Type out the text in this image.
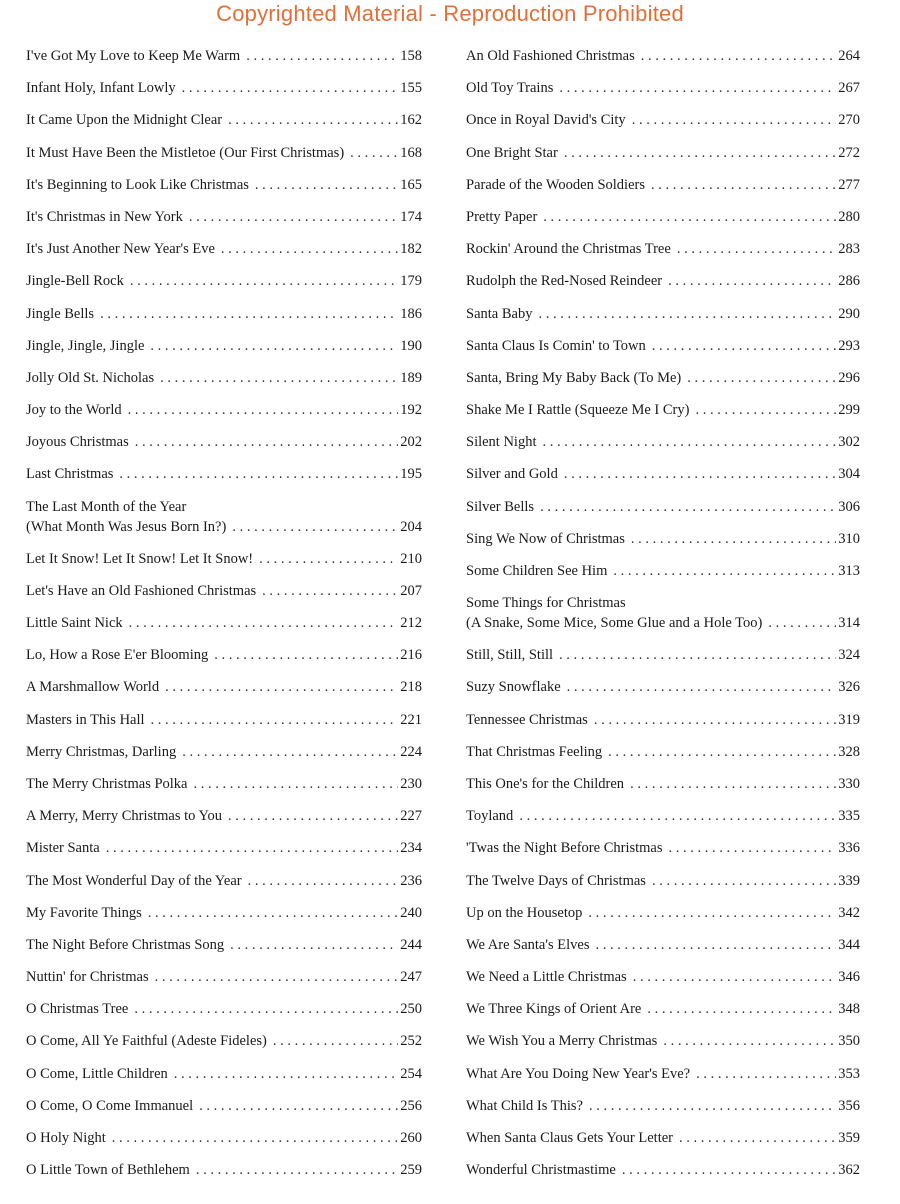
Copyrighted Material - Reproduction Prohibited
I've Got My Love to Keep Me Warm . . .	158
Infant Holy, Infant Lowly . . .	155
It Came Upon the Midnight Clear . . .	162
It Must Have Been the Mistletoe (Our First Christmas) . . .	168
It's Beginning to Look Like Christmas . . .	165
It's Christmas in New York . . .	174
It's Just Another New Year's Eve . . .	182
Jingle-Bell Rock . . .	179
Jingle Bells . . .	186
Jingle, Jingle, Jingle . . .	190
Jolly Old St. Nicholas . . .	189
Joy to the World . . .	192
Joyous Christmas . . .	202
Last Christmas . . .	195
The Last Month of the Year
(What Month Was Jesus Born In?) . . .	204
Let It Snow! Let It Snow! Let It Snow! . . .	210
Let's Have an Old Fashioned Christmas . . .	207
Little Saint Nick . . .	212
Lo, How a Rose E'er Blooming . . .	216
A Marshmallow World . . .	218
Masters in This Hall . . .	221
Merry Christmas, Darling . . .	224
The Merry Christmas Polka . . .	230
A Merry, Merry Christmas to You . . .	227
Mister Santa . . .	234
The Most Wonderful Day of the Year . . .	236
My Favorite Things . . .	240
The Night Before Christmas Song . . .	244
Nuttin' for Christmas . . .	247
O Christmas Tree . . .	250
O Come, All Ye Faithful (Adeste Fideles) . . .	252
O Come, Little Children . . .	254
O Come, O Come Immanuel . . .	256
O Holy Night . . .	260
O Little Town of Bethlehem . . .	259
An Old Fashioned Christmas . . .	264
Old Toy Trains . . .	267
Once in Royal David's City . . .	270
One Bright Star . . .	272
Parade of the Wooden Soldiers . . .	277
Pretty Paper . . .	280
Rockin' Around the Christmas Tree . . .	283
Rudolph the Red-Nosed Reindeer . . .	286
Santa Baby . . .	290
Santa Claus Is Comin' to Town . . .	293
Santa, Bring My Baby Back (To Me) . . .	296
Shake Me I Rattle (Squeeze Me I Cry) . . .	299
Silent Night . . .	302
Silver and Gold . . .	304
Silver Bells . . .	306
Sing We Now of Christmas . . .	310
Some Children See Him . . .	313
Some Things for Christmas
(A Snake, Some Mice, Some Glue and a Hole Too) . . .	314
Still, Still, Still . . .	324
Suzy Snowflake . . .	326
Tennessee Christmas . . .	319
That Christmas Feeling . . .	328
This One's for the Children . . .	330
Toyland . . .	335
'Twas the Night Before Christmas . . .	336
The Twelve Days of Christmas . . .	339
Up on the Housetop . . .	342
We Are Santa's Elves . . .	344
We Need a Little Christmas . . .	346
We Three Kings of Orient Are . . .	348
We Wish You a Merry Christmas . . .	350
What Are You Doing New Year's Eve? . . .	353
What Child Is This? . . .	356
When Santa Claus Gets Your Letter . . .	359
Wonderful Christmastime . . .	362
